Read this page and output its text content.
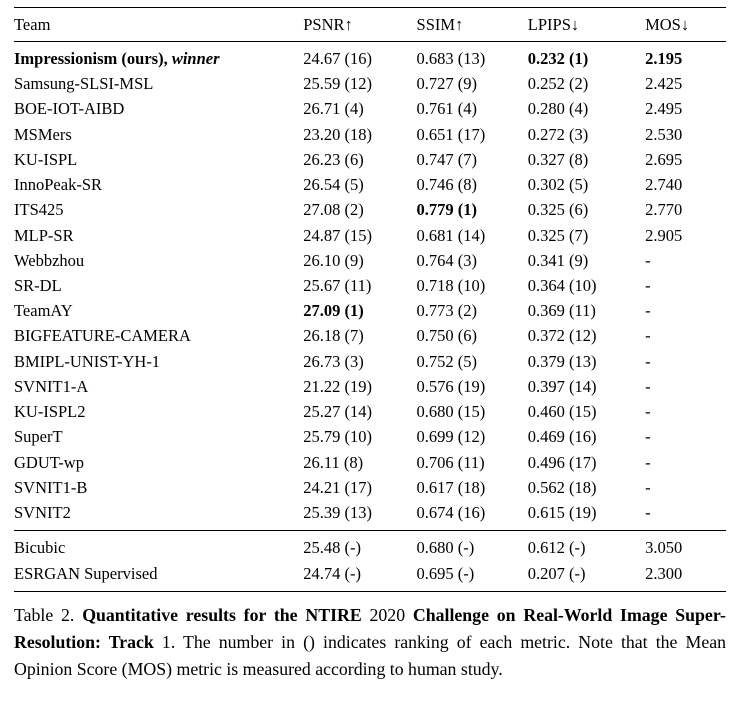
Team	PSNR↑	SSIM↑	LPIPS↓	MOS↓
Impressionism (ours), winner	24.67 (16)	0.683 (13)	0.232 (1)	2.195
Samsung-SLSI-MSL	25.59 (12)	0.727 (9)	0.252 (2)	2.425
BOE-IOT-AIBD	26.71 (4)	0.761 (4)	0.280 (4)	2.495
MSMers	23.20 (18)	0.651 (17)	0.272 (3)	2.530
KU-ISPL	26.23 (6)	0.747 (7)	0.327 (8)	2.695
InnoPeak-SR	26.54 (5)	0.746 (8)	0.302 (5)	2.740
ITS425	27.08 (2)	0.779 (1)	0.325 (6)	2.770
MLP-SR	24.87 (15)	0.681 (14)	0.325 (7)	2.905
Webbzhou	26.10 (9)	0.764 (3)	0.341 (9)	-
SR-DL	25.67 (11)	0.718 (10)	0.364 (10)	-
TeamAY	27.09 (1)	0.773 (2)	0.369 (11)	-
BIGFEATURE-CAMERA	26.18 (7)	0.750 (6)	0.372 (12)	-
BMIPL-UNIST-YH-1	26.73 (3)	0.752 (5)	0.379 (13)	-
SVNIT1-A	21.22 (19)	0.576 (19)	0.397 (14)	-
KU-ISPL2	25.27 (14)	0.680 (15)	0.460 (15)	-
SuperT	25.79 (10)	0.699 (12)	0.469 (16)	-
GDUT-wp	26.11 (8)	0.706 (11)	0.496 (17)	-
SVNIT1-B	24.21 (17)	0.617 (18)	0.562 (18)	-
SVNIT2	25.39 (13)	0.674 (16)	0.615 (19)	-
Bicubic	25.48 (-)	0.680 (-)	0.612 (-)	3.050
ESRGAN Supervised	24.74 (-)	0.695 (-)	0.207 (-)	2.300

Table 2. Quantitative results for the NTIRE 2020 Challenge on Real-World Image Super-Resolution: Track 1. The number in () indicates ranking of each metric. Note that the Mean Opinion Score (MOS) metric is measured according to human study.
